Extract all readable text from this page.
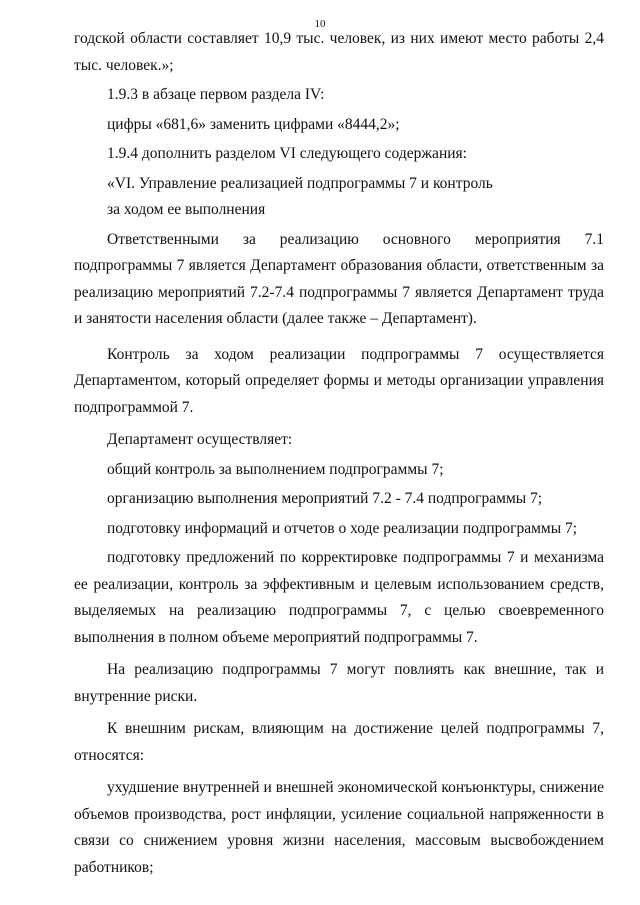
10

годской области составляет 10,9 тыс. человек, из них имеют место работы 2,4 тыс. человек.»;

1.9.3 в абзаце первом раздела IV:

цифры «681,6» заменить цифрами «8444,2»;

1.9.4 дополнить разделом VI следующего содержания:

«VI. Управление реализацией подпрограммы 7 и контроль

за ходом ее выполнения

Ответственными за реализацию основного мероприятия 7.1 подпрограммы 7 является Департамент образования области, ответственным за реализацию мероприятий 7.2-7.4 подпрограммы 7 является Департамент труда и занятости населения области (далее также – Департамент).

Контроль за ходом реализации подпрограммы 7 осуществляется Департаментом, который определяет формы и методы организации управления подпрограммой 7.

Департамент осуществляет:

общий контроль за выполнением подпрограммы 7;

организацию выполнения мероприятий 7.2 - 7.4 подпрограммы 7;

подготовку информаций и отчетов о ходе реализации подпрограммы 7;

подготовку предложений по корректировке подпрограммы 7 и механизма ее реализации, контроль за эффективным и целевым использованием средств, выделяемых на реализацию подпрограммы 7, с целью своевременного выполнения в полном объеме мероприятий подпрограммы 7.

На реализацию подпрограммы 7 могут повлиять как внешние, так и внутренние риски.

К внешним рискам, влияющим на достижение целей подпрограммы 7, относятся:

ухудшение внутренней и внешней экономической конъюнктуры, снижение объемов производства, рост инфляции, усиление социальной напряженности в связи со снижением уровня жизни населения, массовым высвобождением работников;
